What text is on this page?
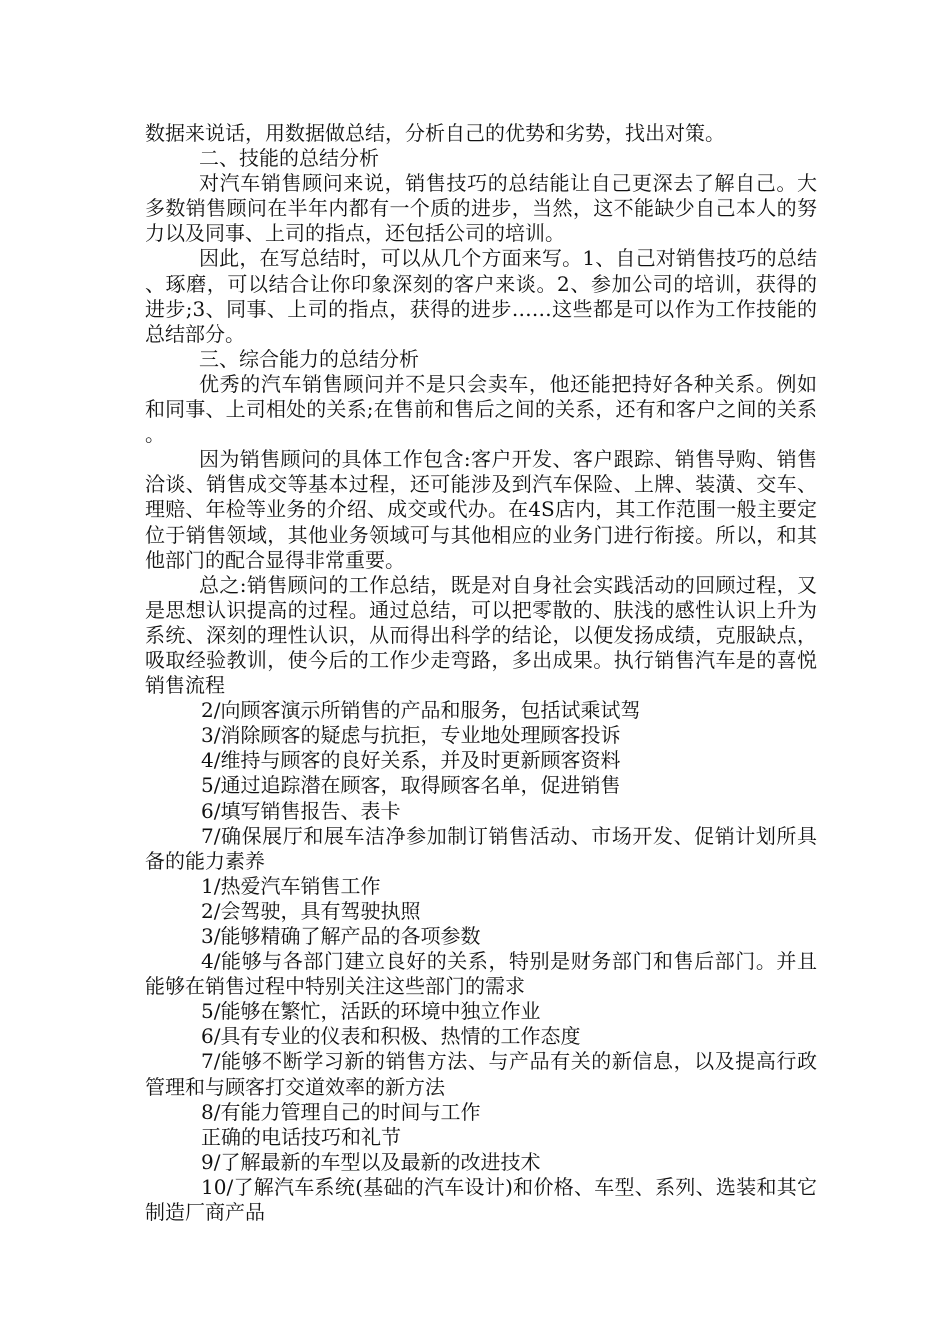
数据来说话，用数据做总结，分析自己的优势和劣势，找出对策。

二、技能的总结分析

对汽车销售顾问来说，销售技巧的总结能让自己更深去了解自己。大多数销售顾问在半年内都有一个质的进步，当然，这不能缺少自己本人的努力以及同事、上司的指点，还包括公司的培训。

因此，在写总结时，可以从几个方面来写。1、自己对销售技巧的总结、琢磨，可以结合让你印象深刻的客户来谈。2、参加公司的培训，获得的进步;3、同事、上司的指点，获得的进步……这些都是可以作为工作技能的总结部分。

三、综合能力的总结分析

优秀的汽车销售顾问并不是只会卖车，他还能把持好各种关系。例如和同事、上司相处的关系;在售前和售后之间的关系，还有和客户之间的关系。

因为销售顾问的具体工作包含:客户开发、客户跟踪、销售导购、销售洽谈、销售成交等基本过程，还可能涉及到汽车保险、上牌、装潢、交车、理赔、年检等业务的介绍、成交或代办。在4S店内，其工作范围一般主要定位于销售领域，其他业务领域可与其他相应的业务门进行衔接。所以，和其他部门的配合显得非常重要。

总之:销售顾问的工作总结，既是对自身社会实践活动的回顾过程，又是思想认识提高的过程。通过总结，可以把零散的、肤浅的感性认识上升为系统、深刻的理性认识，从而得出科学的结论，以便发扬成绩，克服缺点，吸取经验教训，使今后的工作少走弯路，多出成果。执行销售汽车是的喜悦销售流程

2/向顾客演示所销售的产品和服务，包括试乘试驾

3/消除顾客的疑虑与抗拒，专业地处理顾客投诉

4/维持与顾客的良好关系，并及时更新顾客资料

5/通过追踪潜在顾客，取得顾客名单，促进销售

6/填写销售报告、表卡

7/确保展厅和展车洁净参加制订销售活动、市场开发、促销计划所具备的能力素养

1/热爱汽车销售工作

2/会驾驶，具有驾驶执照

3/能够精确了解产品的各项参数

4/能够与各部门建立良好的关系，特别是财务部门和售后部门。并且能够在销售过程中特别关注这些部门的需求

5/能够在繁忙，活跃的环境中独立作业

6/具有专业的仪表和积极、热情的工作态度

7/能够不断学习新的销售方法、与产品有关的新信息，以及提高行政管理和与顾客打交道效率的新方法

8/有能力管理自己的时间与工作

正确的电话技巧和礼节

9/了解最新的车型以及最新的改进技术

10/了解汽车系统(基础的汽车设计)和价格、车型、系列、选装和其它制造厂商产品
